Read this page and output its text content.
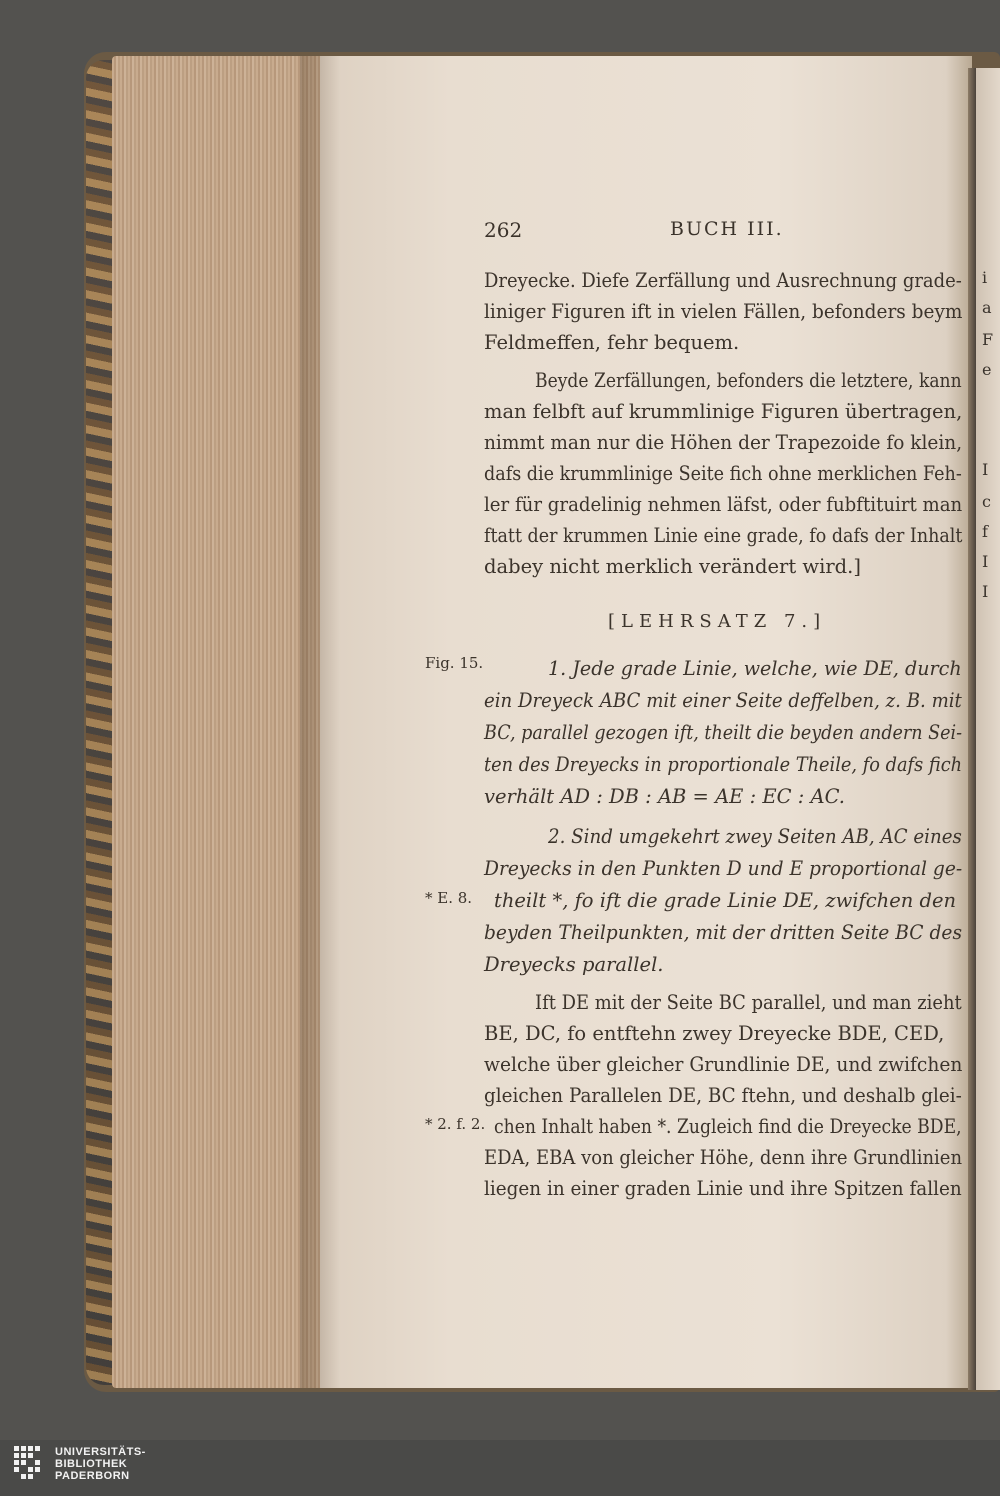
i
a
F
e
I
c
f
I
I
262	BUCH III.
Dreyecke. Diefe Zerfällung und Ausrechnung grade-
liniger Figuren ift in vielen Fällen, befonders beym
Feldmeffen, fehr bequem.
Beyde Zerfällungen, befonders die letztere, kann
man felbft auf krummlinige Figuren übertragen,
nimmt man nur die Höhen der Trapezoide fo klein,
dafs die krummlinige Seite fich ohne merklichen Feh-
ler für gradelinig nehmen läfst, oder fubftituirt man
ftatt der krummen Linie eine grade, fo dafs der Inhalt
dabey nicht merklich verändert wird.]
[LEHRSATZ 7.]
Fig. 15.	1. Jede grade Linie, welche, wie DE, durch
ein Dreyeck ABC mit einer Seite deffelben, z. B. mit
BC, parallel gezogen ift, theilt die beyden andern Sei-
ten des Dreyecks in proportionale Theile, fo dafs fich
verhält AD : DB : AB = AE : EC : AC.
2. Sind umgekehrt zwey Seiten AB, AC eines
Dreyecks in den Punkten D und E proportional ge-
* E. 8. theilt *, fo ift die grade Linie DE, zwifchen den
beyden Theilpunkten, mit der dritten Seite BC des
Dreyecks parallel.
Ift DE mit der Seite BC parallel, und man zieht
BE, DC, fo entftehn zwey Dreyecke BDE, CED,
welche über gleicher Grundlinie DE, und zwifchen
gleichen Parallelen DE, BC ftehn, und deshalb glei-
* 2. f. 2. chen Inhalt haben *. Zugleich find die Dreyecke BDE,
EDA, EBA von gleicher Höhe, denn ihre Grundlinien
liegen in einer graden Linie und ihre Spitzen fallen
UNIVERSITÄTS-
BIBLIOTHEK
PADERBORN
